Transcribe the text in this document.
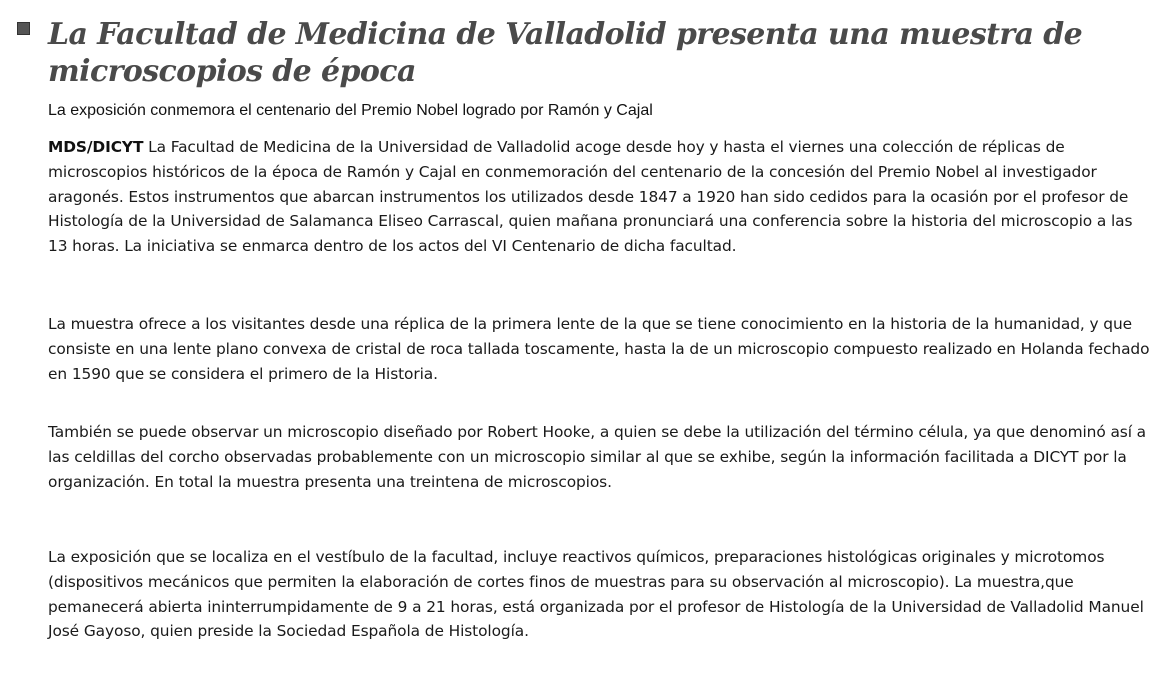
La Facultad de Medicina de Valladolid presenta una muestra de microscopios de época

La exposición conmemora el centenario del Premio Nobel logrado por Ramón y Cajal

MDS/DICYT La Facultad de Medicina de la Universidad de Valladolid acoge desde hoy y hasta el viernes una colección de réplicas de microscopios históricos de la época de Ramón y Cajal en conmemoración del centenario de la concesión del Premio Nobel al investigador aragonés. Estos instrumentos que abarcan instrumentos los utilizados desde 1847 a 1920 han sido cedidos para la ocasión por el profesor de Histología de la Universidad de Salamanca Eliseo Carrascal, quien mañana pronunciará una conferencia sobre la historia del microscopio a las 13 horas. La iniciativa se enmarca dentro de los actos del VI Centenario de dicha facultad.

La muestra ofrece a los visitantes desde una réplica de la primera lente de la que se tiene conocimiento en la historia de la humanidad, y que consiste en una lente plano convexa de cristal de roca tallada toscamente, hasta la de un microscopio compuesto realizado en Holanda fechado en 1590 que se considera el primero de la Historia.

También se puede observar un microscopio diseñado por Robert Hooke, a quien se debe la utilización del término célula, ya que denominó así a las celdillas del corcho observadas probablemente con un microscopio similar al que se exhibe, según la información facilitada a DICYT por la organización. En total la muestra presenta una treintena de microscopios.

La exposición que se localiza en el vestíbulo de la facultad, incluye reactivos químicos, preparaciones histológicas originales y microtomos (dispositivos mecánicos que permiten la elaboración de cortes finos de muestras para su observación al microscopio). La muestra,que pemanecerá abierta ininterrumpidamente de 9 a 21 horas, está organizada por el profesor de Histología de la Universidad de Valladolid Manuel José Gayoso, quien preside la Sociedad Española de Histología.
